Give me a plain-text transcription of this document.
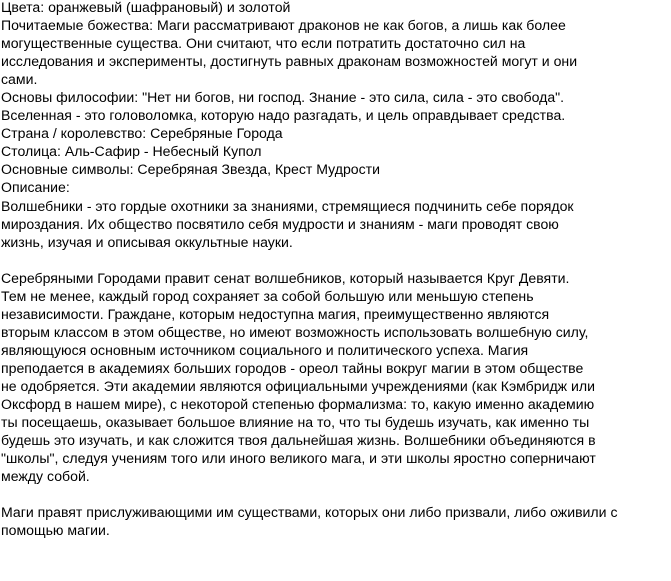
Цвета: оранжевый (шафрановый) и золотой
Почитаемые божества: Маги рассматривают драконов не как богов, а лишь как более
могущественные существа. Они считают, что если потратить достаточно сил на
исследования и эксперименты, достигнуть равных драконам возможностей могут и они
сами.
Основы философии: "Нет ни богов, ни господ. Знание - это сила, сила - это свобода".
Вселенная - это головоломка, которую надо разгадать, и цель оправдывает средства.
Страна / королевство: Серебряные Города
Столица: Аль-Сафир - Небесный Купол
Основные символы: Серебряная Звезда, Крест Мудрости
Описание:
Волшебники - это гордые охотники за знаниями, стремящиеся подчинить себе порядок
мироздания. Их общество посвятило себя мудрости и знаниям - маги проводят свою
жизнь, изучая и описывая оккультные науки.
Серебряными Городами правит сенат волшебников, который называется Круг Девяти.
Тем не менее, каждый город сохраняет за собой большую или меньшую степень
независимости. Граждане, которым недоступна магия, преимущественно являются
вторым классом в этом обществе, но имеют возможность использовать волшебную силу,
являющуюся основным источником социального и политического успеха. Магия
преподается в академиях больших городов - ореол тайны вокруг магии в этом обществе
не одобряется. Эти академии являются официальными учреждениями (как Кэмбридж или
Оксфорд в нашем мире), с некоторой степенью формализма: то, какую именно академию
ты посещаешь, оказывает большое влияние на то, что ты будешь изучать, как именно ты
будешь это изучать, и как сложится твоя дальнейшая жизнь. Волшебники объединяются в
"школы", следуя учениям того или иного великого мага, и эти школы яростно соперничают
между собой.
Маги правят прислуживающими им существами, которых они либо призвали, либо оживили с
помощью магии.
